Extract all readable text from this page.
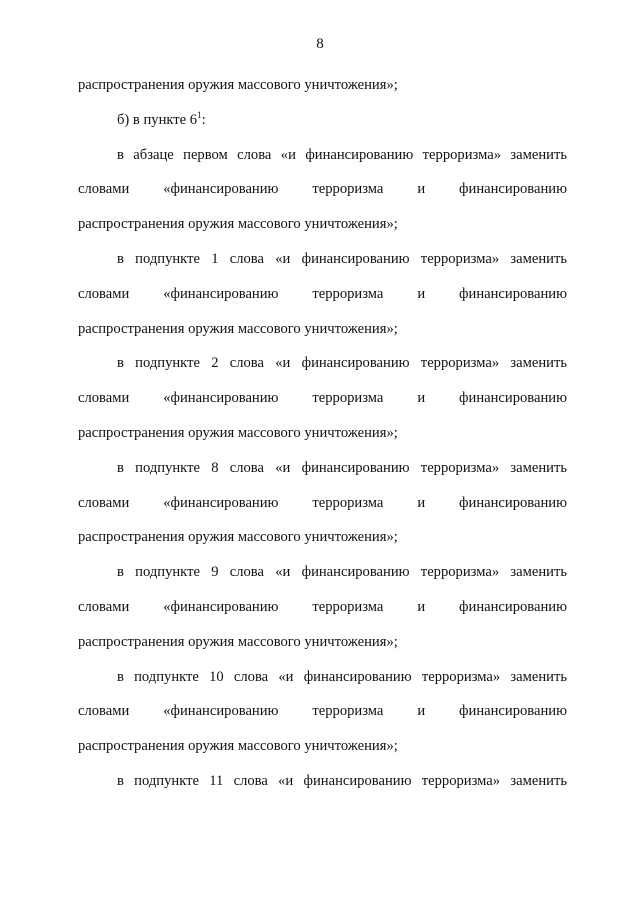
8
распространения оружия массового уничтожения»;
б) в пункте $6^1$:
в абзаце первом слова «и финансированию терроризма» заменить
словами «финансированию терроризма и финансированию
распространения оружия массового уничтожения»;
в подпункте 1 слова «и финансированию терроризма» заменить
словами «финансированию терроризма и финансированию
распространения оружия массового уничтожения»;
в подпункте 2 слова «и финансированию терроризма» заменить
словами «финансированию терроризма и финансированию
распространения оружия массового уничтожения»;
в подпункте 8 слова «и финансированию терроризма» заменить
словами «финансированию терроризма и финансированию
распространения оружия массового уничтожения»;
в подпункте 9 слова «и финансированию терроризма» заменить
словами «финансированию терроризма и финансированию
распространения оружия массового уничтожения»;
в подпункте 10 слова «и финансированию терроризма» заменить
словами «финансированию терроризма и финансированию
распространения оружия массового уничтожения»;
в подпункте 11 слова «и финансированию терроризма» заменить
